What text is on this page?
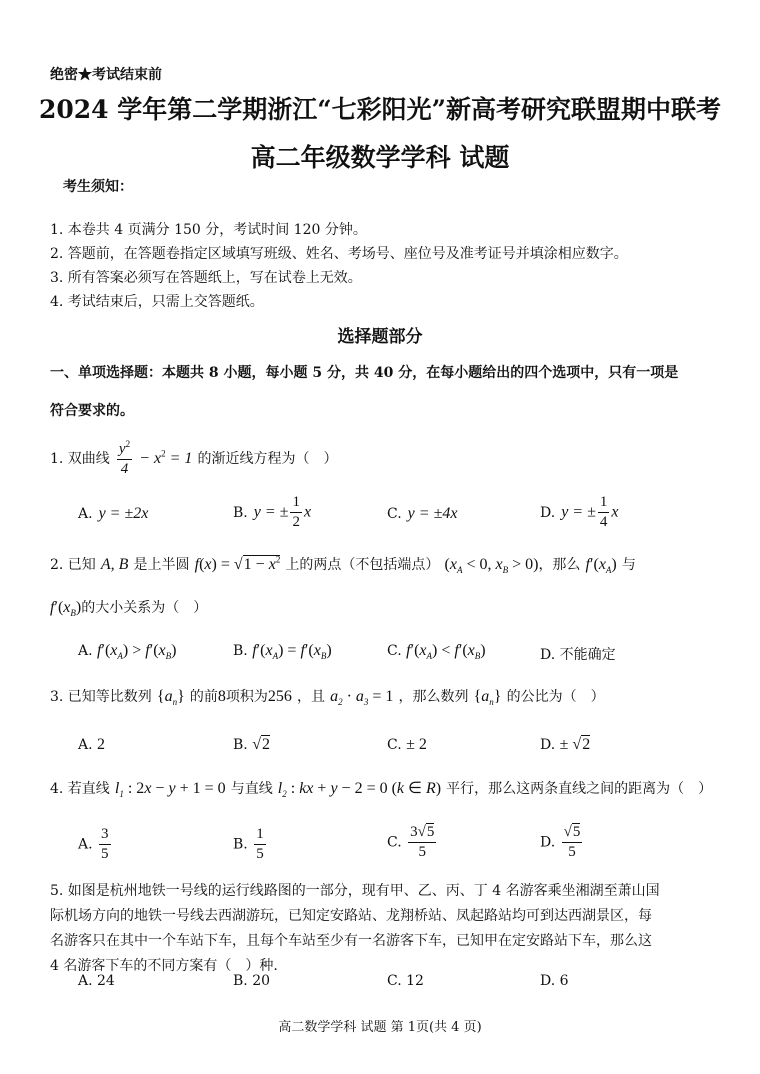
绝密★考试结束前
2024 学年第二学期浙江“七彩阳光”新高考研究联盟期中联考
高二年级数学学科 试题
考生须知：
1. 本卷共 4 页满分 150 分，考试时间 120 分钟。
2. 答题前，在答题卷指定区域填写班级、姓名、考场号、座位号及准考证号并填涂相应数字。
3. 所有答案必须写在答题纸上，写在试卷上无效。
4. 考试结束后，只需上交答题纸。
选择题部分
一、单项选择题：本题共 8 小题，每小题 5 分，共 40 分，在每小题给出的四个选项中，只有一项是
符合要求的。
1. 双曲线 $\frac{y^2}{4} - x^2 = 1$ 的渐近线方程为（　）
A. y = ±2x	B. y = ± $\frac{1}{2}$ x	C. y = ±4x	D. y = ± $\frac{1}{4}$ x
2. 已知 A, B 是上半圆 $f(x) = √1 - x^2$ 上的两点（不包括端点） ($x_A < 0$, $x_B > 0$)，那么 $f'(x_A)$ 与
$f'(x_B)$的大小关系为（　）
A. $f'(x_A) > f'(x_B)$	B. $f'(x_A) = f'(x_B)$	C. $f'(x_A) < f'(x_B)$	D. 不能确定
3. 已知等比数列 $\{a_n\}$ 的前8项积为256 ，且 $a_2 \cdot a_3 = 1$ ，那么数列 $\{a_n\}$ 的公比为（　）
A. 2	B. √2	C. ± 2	D. ± √2
4. 若直线 $l_1$ : 2x − y + 1 = 0 与直线 $l_2$ : kx + y − 2 = 0 (k ∈ R) 平行，那么这两条直线之间的距离为（　）
A. $\frac{3}{5}$	B. $\frac{1}{5}$	C. $\frac{3√5}{5}$	D. $\frac{√5}{5}$
5. 如图是杭州地铁一号线的运行线路图的一部分，现有甲、乙、丙、丁 4 名游客乘坐湘湖至萧山国
际机场方向的地铁一号线去西湖游玩，已知定安路站、龙翔桥站、凤起路站均可到达西湖景区，每
名游客只在其中一个车站下车，且每个车站至少有一名游客下车，已知甲在定安路站下车，那么这
4 名游客下车的不同方案有（　）种.
A. 24	B. 20	C. 12	D. 6
高二数学学科 试题 第 1页(共 4 页)
